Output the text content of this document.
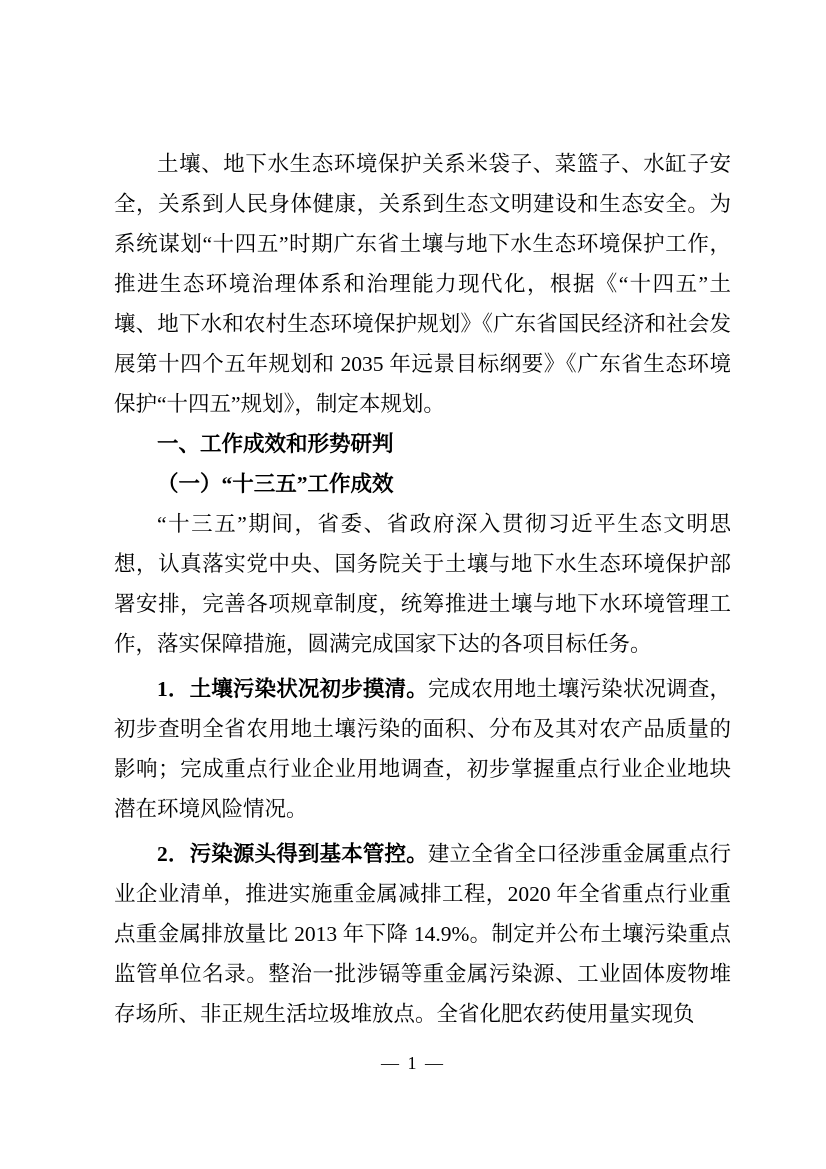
土壤、地下水生态环境保护关系米袋子、菜篮子、水缸子安全，关系到人民身体健康，关系到生态文明建设和生态安全。为系统谋划“十四五”时期广东省土壤与地下水生态环境保护工作，推进生态环境治理体系和治理能力现代化，根据《“十四五”土壤、地下水和农村生态环境保护规划》《广东省国民经济和社会发展第十四个五年规划和 2035 年远景目标纲要》《广东省生态环境保护“十四五”规划》，制定本规划。

一、工作成效和形势研判
（一）“十三五”工作成效

“十三五”期间，省委、省政府深入贯彻习近平生态文明思想，认真落实党中央、国务院关于土壤与地下水生态环境保护部署安排，完善各项规章制度，统筹推进土壤与地下水环境管理工作，落实保障措施，圆满完成国家下达的各项目标任务。

1．土壤污染状况初步摸清。完成农用地土壤污染状况调查，初步查明全省农用地土壤污染的面积、分布及其对农产品质量的影响；完成重点行业企业用地调查，初步掌握重点行业企业地块潜在环境风险情况。

2．污染源头得到基本管控。建立全省全口径涉重金属重点行业企业清单，推进实施重金属减排工程，2020 年全省重点行业重点重金属排放量比 2013 年下降 14.9%。制定并公布土壤污染重点监管单位名录。整治一批涉镉等重金属污染源、工业固体废物堆存场所、非正规生活垃圾堆放点。全省化肥农药使用量实现负

— 1 —
